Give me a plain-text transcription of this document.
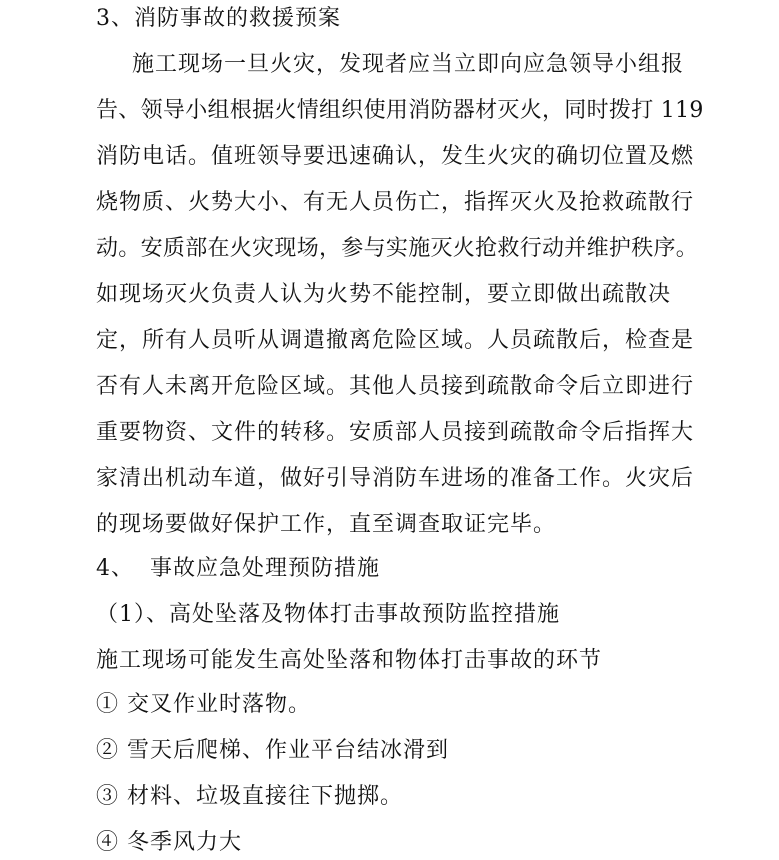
3、消防事故的救援预案

施工现场一旦火灾，发现者应当立即向应急领导小组报

告、领导小组根据火情组织使用消防器材灭火，同时拨打 119

消防电话。值班领导要迅速确认，发生火灾的确切位置及燃

烧物质、火势大小、有无人员伤亡，指挥灭火及抢救疏散行

动。安质部在火灾现场，参与实施灭火抢救行动并维护秩序。

如现场灭火负责人认为火势不能控制，要立即做出疏散决

定，所有人员听从调遣撤离危险区域。人员疏散后，检查是

否有人未离开危险区域。其他人员接到疏散命令后立即进行

重要物资、文件的转移。安质部人员接到疏散命令后指挥大

家清出机动车道，做好引导消防车进场的准备工作。火灾后

的现场要做好保护工作，直至调查取证完毕。

4、  事故应急处理预防措施

（1）、高处坠落及物体打击事故预防监控措施

施工现场可能发生高处坠落和物体打击事故的环节

① 交叉作业时落物。

② 雪天后爬梯、作业平台结冰滑到

③ 材料、垃圾直接往下抛掷。

④ 冬季风力大
